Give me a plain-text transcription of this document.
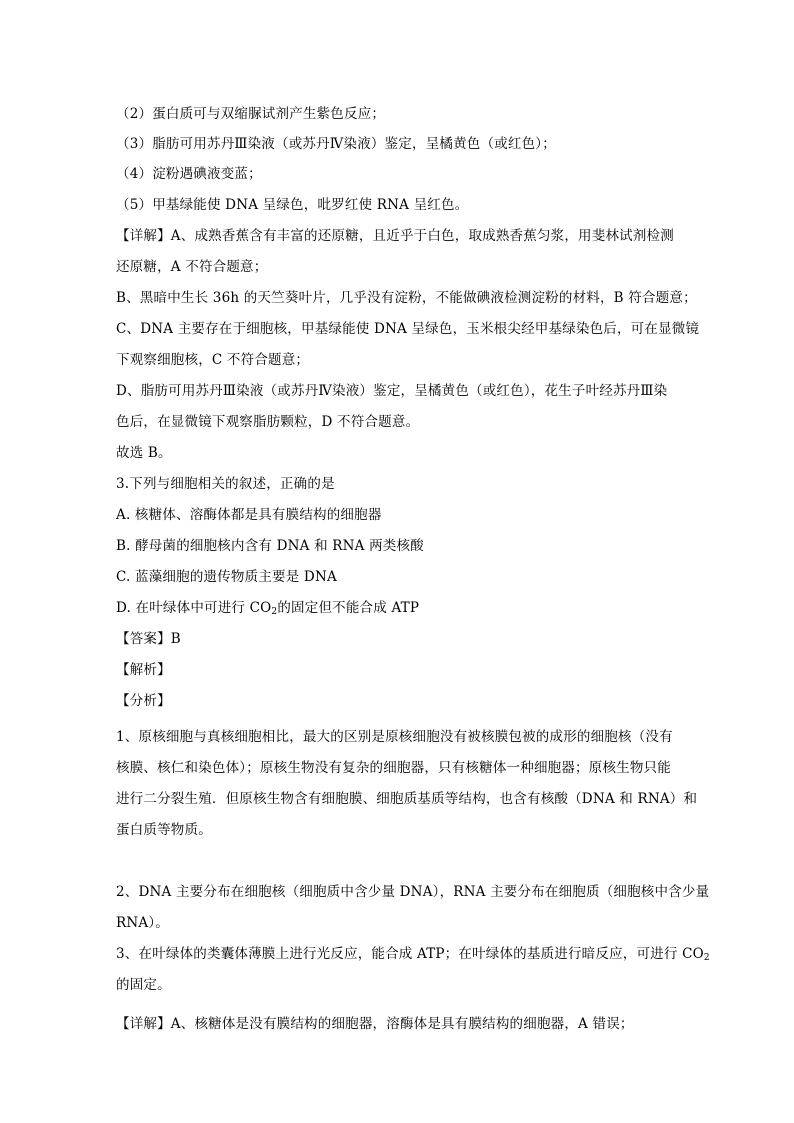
（2）蛋白质可与双缩脲试剂产生紫色反应；
（3）脂肪可用苏丹Ⅲ染液（或苏丹Ⅳ染液）鉴定，呈橘黄色（或红色）；
（4）淀粉遇碘液变蓝；
（5）甲基绿能使 DNA 呈绿色，吡罗红使 RNA 呈红色。
【详解】A、成熟香蕉含有丰富的还原糖，且近乎于白色，取成熟香蕉匀浆，用斐林试剂检测
还原糖，A 不符合题意；
B、黑暗中生长 36h 的天竺葵叶片，几乎没有淀粉，不能做碘液检测淀粉的材料，B 符合题意；
C、DNA 主要存在于细胞核，甲基绿能使 DNA 呈绿色，玉米根尖经甲基绿染色后，可在显微镜
下观察细胞核，C 不符合题意；
D、脂肪可用苏丹Ⅲ染液（或苏丹Ⅳ染液）鉴定，呈橘黄色（或红色），花生子叶经苏丹Ⅲ染
色后，在显微镜下观察脂肪颗粒，D 不符合题意。
故选 B。
3.下列与细胞相关的叙述，正确的是
A. 核糖体、溶酶体都是具有膜结构的细胞器
B. 酵母菌的细胞核内含有 DNA 和 RNA 两类核酸
C. 蓝藻细胞的遗传物质主要是 DNA
D. 在叶绿体中可进行 $CO_2$的固定但不能合成 ATP
【答案】B
【解析】
【分析】
1、原核细胞与真核细胞相比，最大的区别是原核细胞没有被核膜包被的成形的细胞核（没有
核膜、核仁和染色体）；原核生物没有复杂的细胞器，只有核糖体一种细胞器；原核生物只能
进行二分裂生殖．但原核生物含有细胞膜、细胞质基质等结构，也含有核酸（DNA 和 RNA）和
蛋白质等物质。
2、DNA 主要分布在细胞核（细胞质中含少量 DNA），RNA 主要分布在细胞质（细胞核中含少量
RNA）。
3、在叶绿体的类囊体薄膜上进行光反应，能合成 ATP；在叶绿体的基质进行暗反应，可进行 $CO_2$
的固定。
【详解】A、核糖体是没有膜结构的细胞器，溶酶体是具有膜结构的细胞器，A 错误；
